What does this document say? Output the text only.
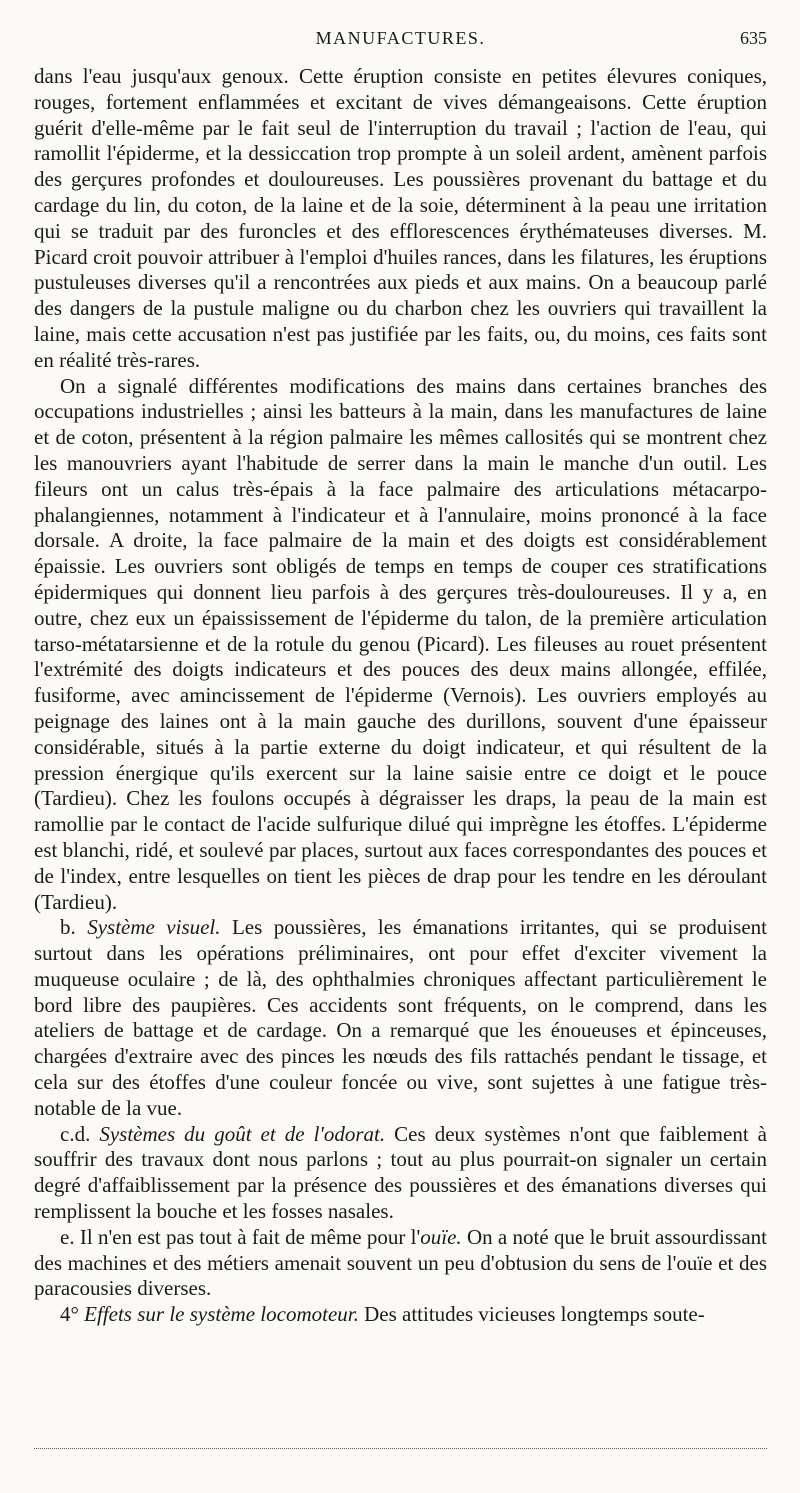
MANUFACTURES.	635

dans l'eau jusqu'aux genoux. Cette éruption consiste en petites élevures coniques, rouges, fortement enflammées et excitant de vives démangeaisons. Cette éruption guérit d'elle-même par le fait seul de l'interruption du travail ; l'action de l'eau, qui ramollit l'épiderme, et la dessiccation trop prompte à un soleil ardent, amènent parfois des gerçures profondes et douloureuses. Les poussières provenant du battage et du cardage du lin, du coton, de la laine et de la soie, déterminent à la peau une irritation qui se traduit par des furoncles et des efflorescences érythémateuses diverses. M. Picard croit pouvoir attribuer à l'emploi d'huiles rances, dans les filatures, les éruptions pustuleuses diverses qu'il a rencontrées aux pieds et aux mains. On a beaucoup parlé des dangers de la pustule maligne ou du charbon chez les ouvriers qui travaillent la laine, mais cette accusation n'est pas justifiée par les faits, ou, du moins, ces faits sont en réalité très-rares.

On a signalé différentes modifications des mains dans certaines branches des occupations industrielles ; ainsi les batteurs à la main, dans les manufactures de laine et de coton, présentent à la région palmaire les mêmes callosités qui se montrent chez les manouvriers ayant l'habitude de serrer dans la main le manche d'un outil. Les fileurs ont un calus très-épais à la face palmaire des articulations métacarpo-phalangiennes, notamment à l'indicateur et à l'annulaire, moins prononcé à la face dorsale. A droite, la face palmaire de la main et des doigts est considérablement épaissie. Les ouvriers sont obligés de temps en temps de couper ces stratifications épidermiques qui donnent lieu parfois à des gerçures très-douloureuses. Il y a, en outre, chez eux un épaississement de l'épiderme du talon, de la première articulation tarso-métatarsienne et de la rotule du genou (Picard). Les fileuses au rouet présentent l'extrémité des doigts indicateurs et des pouces des deux mains allongée, effilée, fusiforme, avec amincissement de l'épiderme (Vernois). Les ouvriers employés au peignage des laines ont à la main gauche des durillons, souvent d'une épaisseur considérable, situés à la partie externe du doigt indicateur, et qui résultent de la pression énergique qu'ils exercent sur la laine saisie entre ce doigt et le pouce (Tardieu). Chez les foulons occupés à dégraisser les draps, la peau de la main est ramollie par le contact de l'acide sulfurique dilué qui imprègne les étoffes. L'épiderme est blanchi, ridé, et soulevé par places, surtout aux faces correspondantes des pouces et de l'index, entre lesquelles on tient les pièces de drap pour les tendre en les déroulant (Tardieu).

b. Système visuel. Les poussières, les émanations irritantes, qui se produisent surtout dans les opérations préliminaires, ont pour effet d'exciter vivement la muqueuse oculaire ; de là, des ophthalmies chroniques affectant particulièrement le bord libre des paupières. Ces accidents sont fréquents, on le comprend, dans les ateliers de battage et de cardage. On a remarqué que les énoueuses et épinceuses, chargées d'extraire avec des pinces les nœuds des fils rattachés pendant le tissage, et cela sur des étoffes d'une couleur foncée ou vive, sont sujettes à une fatigue très-notable de la vue.

c.d. Systèmes du goût et de l'odorat. Ces deux systèmes n'ont que faiblement à souffrir des travaux dont nous parlons ; tout au plus pourrait-on signaler un certain degré d'affaiblissement par la présence des poussières et des émanations diverses qui remplissent la bouche et les fosses nasales.

e. Il n'en est pas tout à fait de même pour l'ouïe. On a noté que le bruit assourdissant des machines et des métiers amenait souvent un peu d'obtusion du sens de l'ouïe et des paracousies diverses.

4° Effets sur le système locomoteur. Des attitudes vicieuses longtemps soute-
